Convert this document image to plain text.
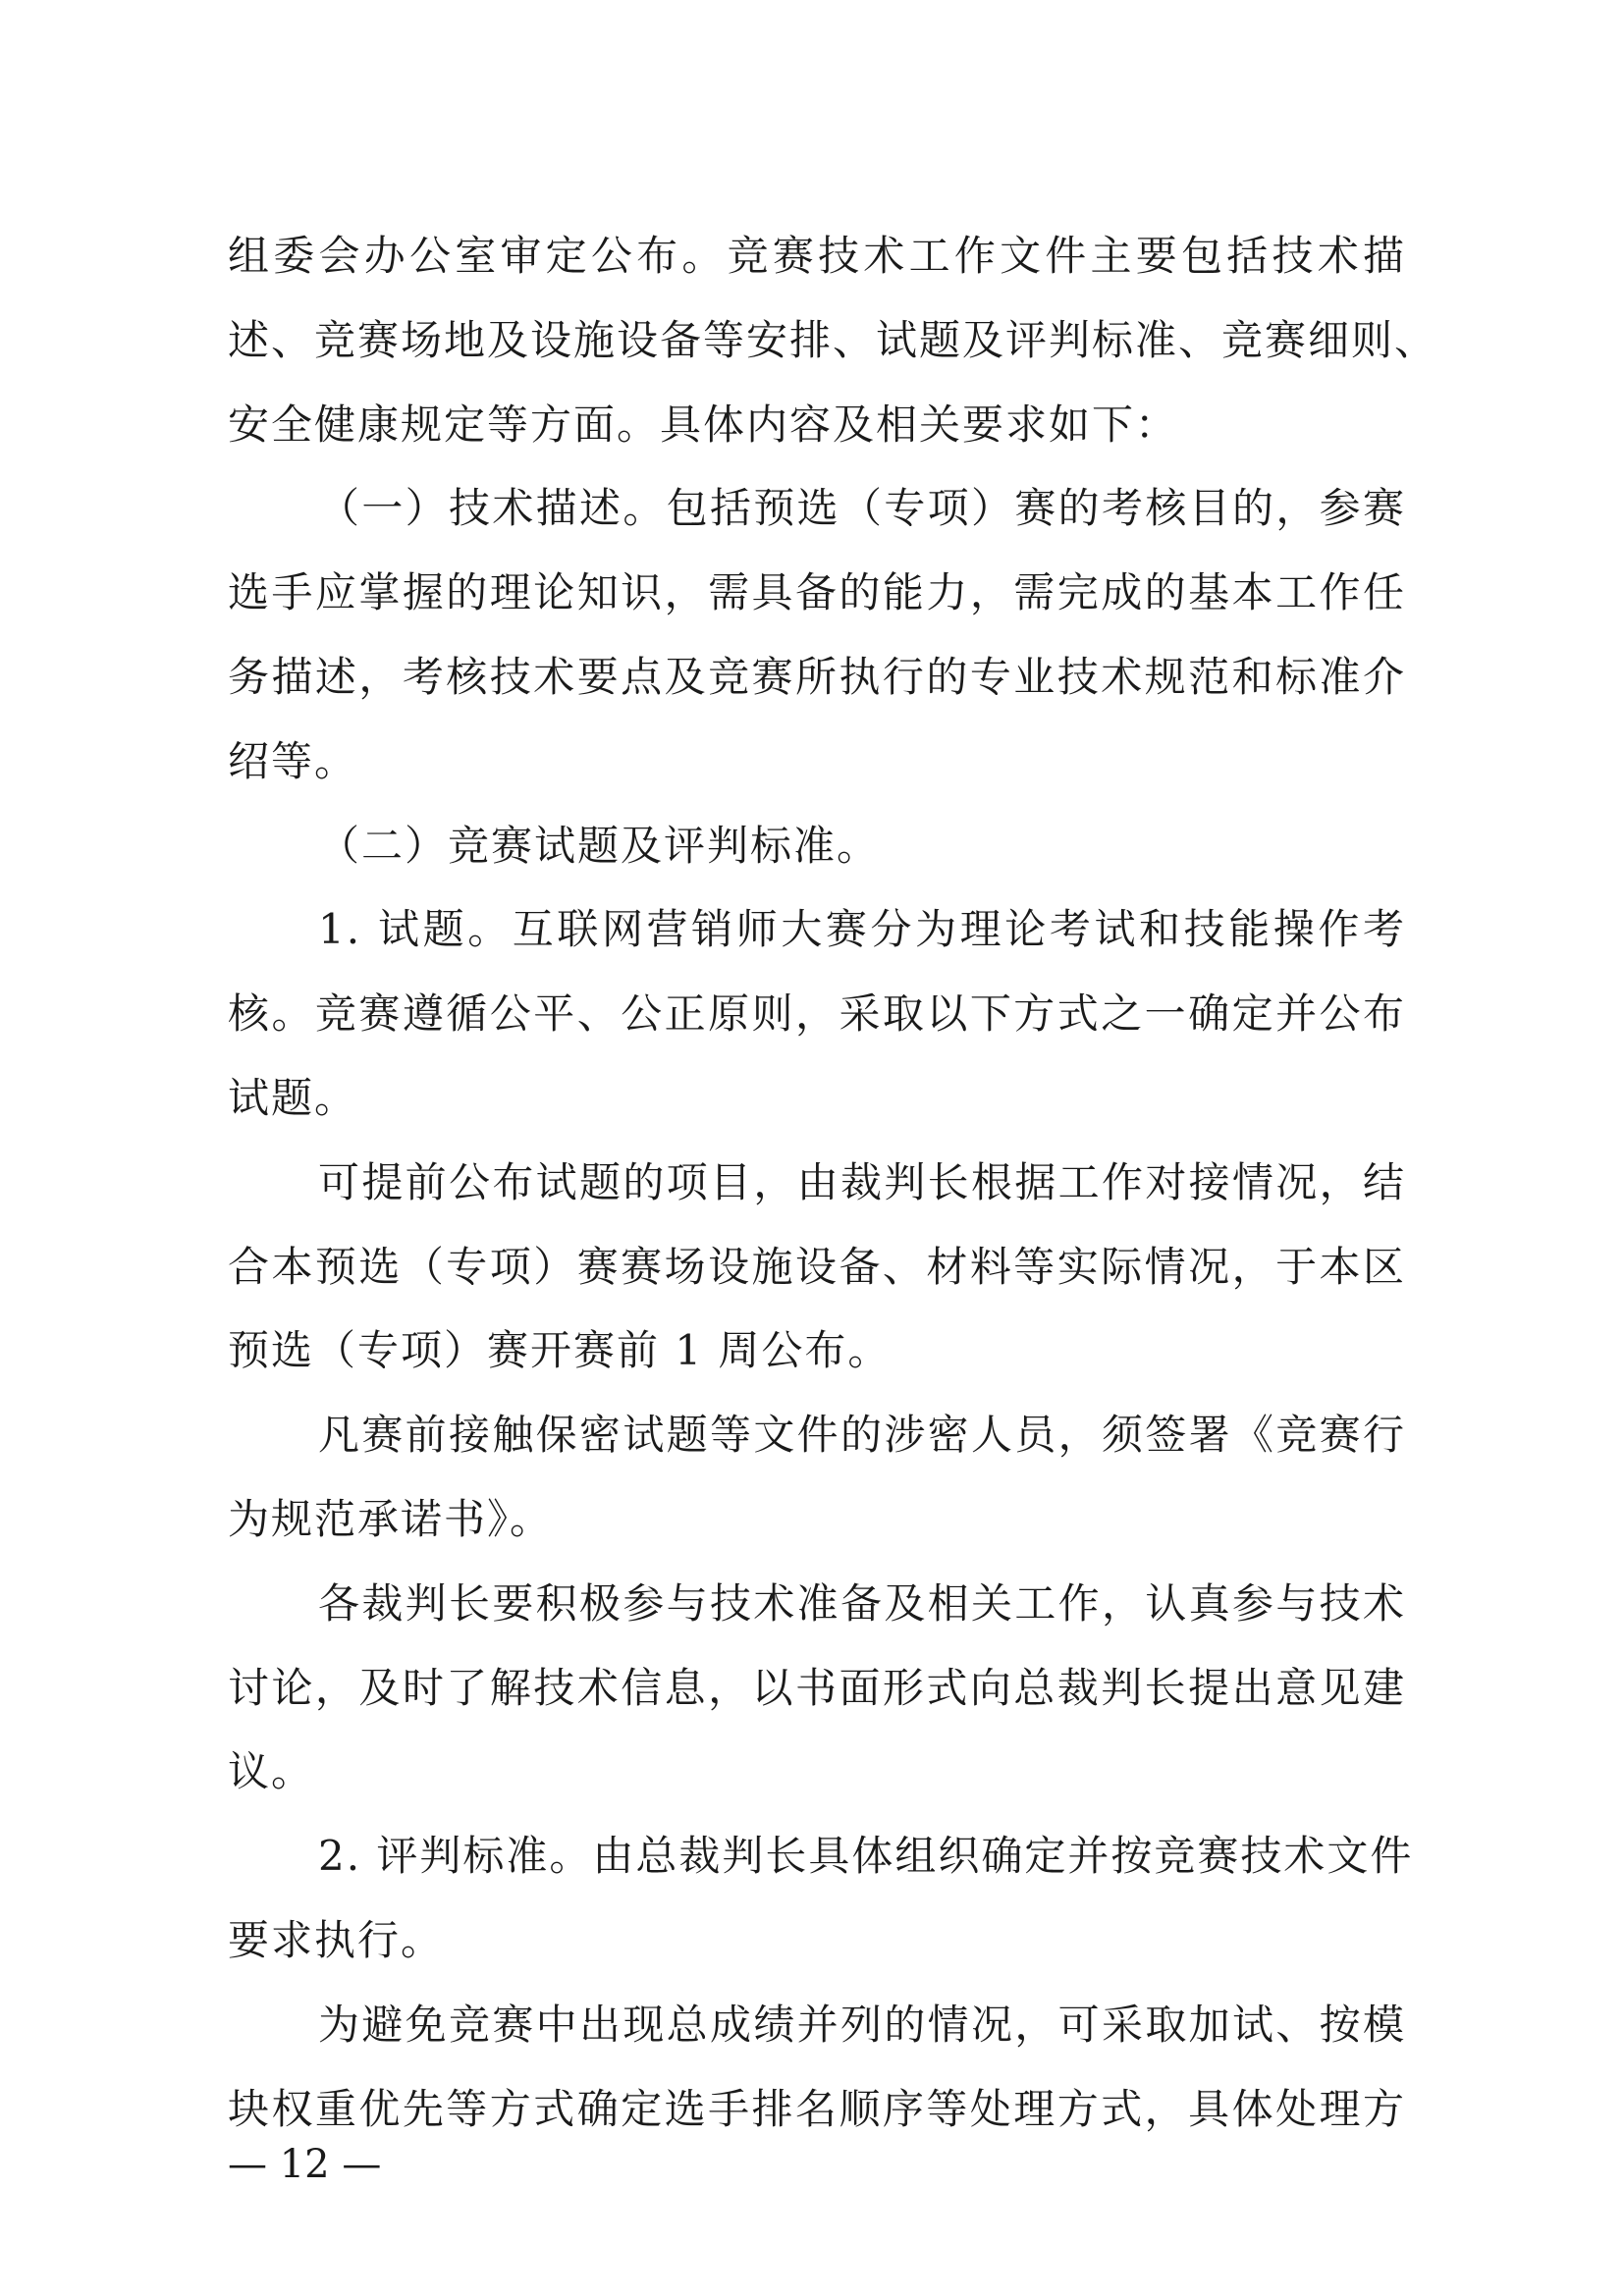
组委会办公室审定公布。竞赛技术工作文件主要包括技术描
述、竞赛场地及设施设备等安排、试题及评判标准、竞赛细则、
安全健康规定等方面。具体内容及相关要求如下：
（一）技术描述。包括预选（专项）赛的考核目的，参赛
选手应掌握的理论知识，需具备的能力，需完成的基本工作任
务描述，考核技术要点及竞赛所执行的专业技术规范和标准介
绍等。
（二）竞赛试题及评判标准。
1. 试题。互联网营销师大赛分为理论考试和技能操作考
核。竞赛遵循公平、公正原则，采取以下方式之一确定并公布
试题。
可提前公布试题的项目，由裁判长根据工作对接情况，结
合本预选（专项）赛赛场设施设备、材料等实际情况，于本区
预选（专项）赛开赛前 1 周公布。
凡赛前接触保密试题等文件的涉密人员，须签署《竞赛行
为规范承诺书》。
各裁判长要积极参与技术准备及相关工作，认真参与技术
讨论，及时了解技术信息，以书面形式向总裁判长提出意见建
议。
2. 评判标准。由总裁判长具体组织确定并按竞赛技术文件
要求执行。
为避免竞赛中出现总成绩并列的情况，可采取加试、按模
块权重优先等方式确定选手排名顺序等处理方式，具体处理方
— 12 —
